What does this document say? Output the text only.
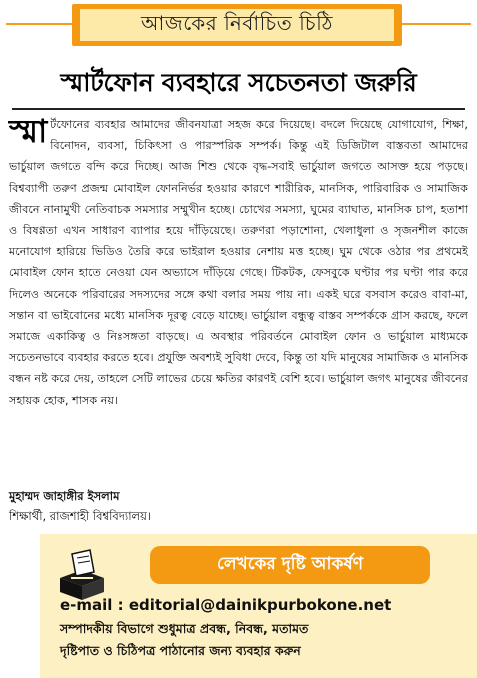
আজকের নির্বাচিত চিঠি
স্মার্টফোন ব্যবহারে সচেতনতা জরুরি

স্মা র্টফোনের ব্যবহার আমাদের জীবনযাত্রা সহজ করে দিয়েছে। বদলে দিয়েছে যোগাযোগ, শিক্ষা, বিনোদন, ব্যবসা, চিকিৎসা ও পারস্পরিক সম্পর্ক। কিন্তু এই ডিজিটাল বাস্তবতা আমাদের ভার্চুয়াল জগতে বন্দি করে দিচ্ছে। আজ শিশু থেকে বৃদ্ধ-সবাই ভার্চুয়াল জগতে আসক্ত হয়ে পড়ছে। বিশ্বব্যাপী তরুণ প্রজন্ম মোবাইল ফোননির্ভর হওয়ার কারণে শারীরিক, মানসিক, পারিবারিক ও সামাজিক জীবনে নানামুখী নেতিবাচক সমস্যার সম্মুখীন হচ্ছে। চোখের সমস্যা, ঘুমের ব্যাঘাত, মানসিক চাপ, হতাশা ও বিষণ্ণতা এখন সাধারণ ব্যাপার হয়ে দাঁড়িয়েছে। তরুণরা পড়াশোনা, খেলাধুলা ও সৃজনশীল কাজে মনোযোগ হারিয়ে ভিডিও তৈরি করে ভাইরাল হওয়ার নেশায় মত্ত হচ্ছে। ঘুম থেকে ওঠার পর প্রথমেই মোবাইল ফোন হাতে নেওয়া যেন অভ্যাসে দাঁড়িয়ে গেছে। টিকটক, ফেসবুকে ঘণ্টার পর ঘণ্টা পার করে দিলেও অনেকে পরিবারের সদস্যদের সঙ্গে কথা বলার সময় পায় না। একই ঘরে বসবাস করেও বাবা-মা, সন্তান বা ভাইবোনের মধ্যে মানসিক দূরত্ব বেড়ে যাচ্ছে। ভার্চুয়াল বন্ধুত্ব বাস্তব সম্পর্ককে গ্রাস করছে, ফলে সমাজে একাকিত্ব ও নিঃসঙ্গতা বাড়ছে। এ অবস্থার পরিবর্তনে মোবাইল ফোন ও ভার্চুয়াল মাধ্যমকে সচেতনভাবে ব্যবহার করতে হবে। প্রযুক্তি অবশ্যই সুবিধা দেবে, কিন্তু তা যদি মানুষের সামাজিক ও মানসিক বন্ধন নষ্ট করে দেয়, তাহলে সেটি লাভের চেয়ে ক্ষতির কারণই বেশি হবে। ভার্চুয়াল জগৎ মানুষের জীবনের সহায়ক হোক, শাসক নয়।

মুহাম্মদ জাহাঙ্গীর ইসলাম
শিক্ষার্থী, রাজশাহী বিশ্ববিদ্যালয়।
লেখকের দৃষ্টি আকর্ষণ
e-mail : editorial@dainikpurbokone.net
সম্পাদকীয় বিভাগে শুধুমাত্র প্রবন্ধ, নিবন্ধ, মতামত
দৃষ্টিপাত ও চিঠিপত্র পাঠানোর জন্য ব্যবহার করুন
